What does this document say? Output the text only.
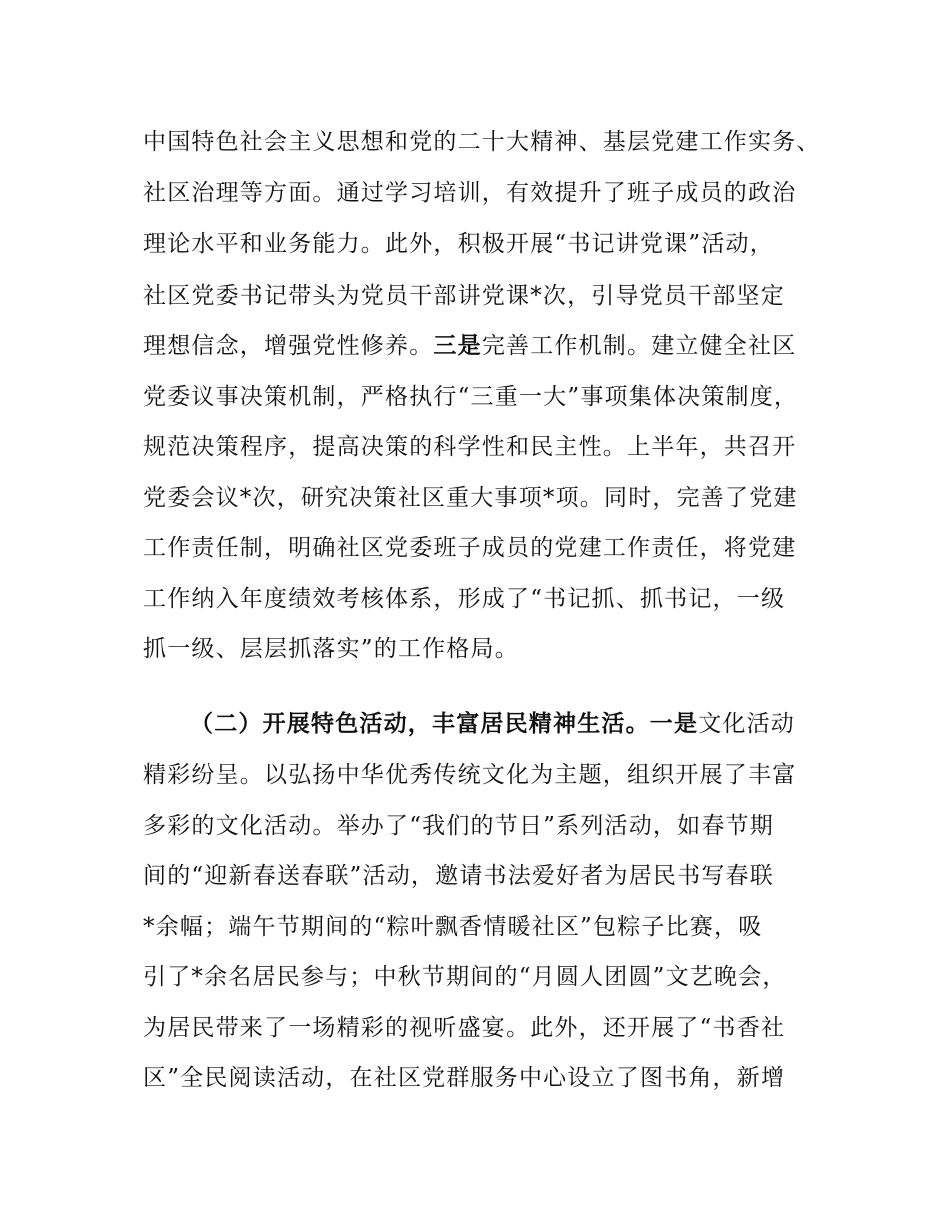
中国特色社会主义思想和党的二十大精神、基层党建工作实务、
社区治理等方面。通过学习培训，有效提升了班子成员的政治
理论水平和业务能力。此外，积极开展“书记讲党课”活动，
社区党委书记带头为党员干部讲党课*次，引导党员干部坚定
理想信念，增强党性修养。三是完善工作机制。建立健全社区
党委议事决策机制，严格执行“三重一大”事项集体决策制度，
规范决策程序，提高决策的科学性和民主性。上半年，共召开
党委会议*次，研究决策社区重大事项*项。同时，完善了党建
工作责任制，明确社区党委班子成员的党建工作责任，将党建
工作纳入年度绩效考核体系，形成了“书记抓、抓书记，一级
抓一级、层层抓落实”的工作格局。
（二）开展特色活动，丰富居民精神生活。一是文化活动
精彩纷呈。以弘扬中华优秀传统文化为主题，组织开展了丰富
多彩的文化活动。举办了“我们的节日”系列活动，如春节期
间的“迎新春送春联”活动，邀请书法爱好者为居民书写春联
*余幅；端午节期间的“粽叶飘香情暖社区”包粽子比赛，吸
引了*余名居民参与；中秋节期间的“月圆人团圆”文艺晚会，
为居民带来了一场精彩的视听盛宴。此外，还开展了“书香社
区”全民阅读活动，在社区党群服务中心设立了图书角，新增
